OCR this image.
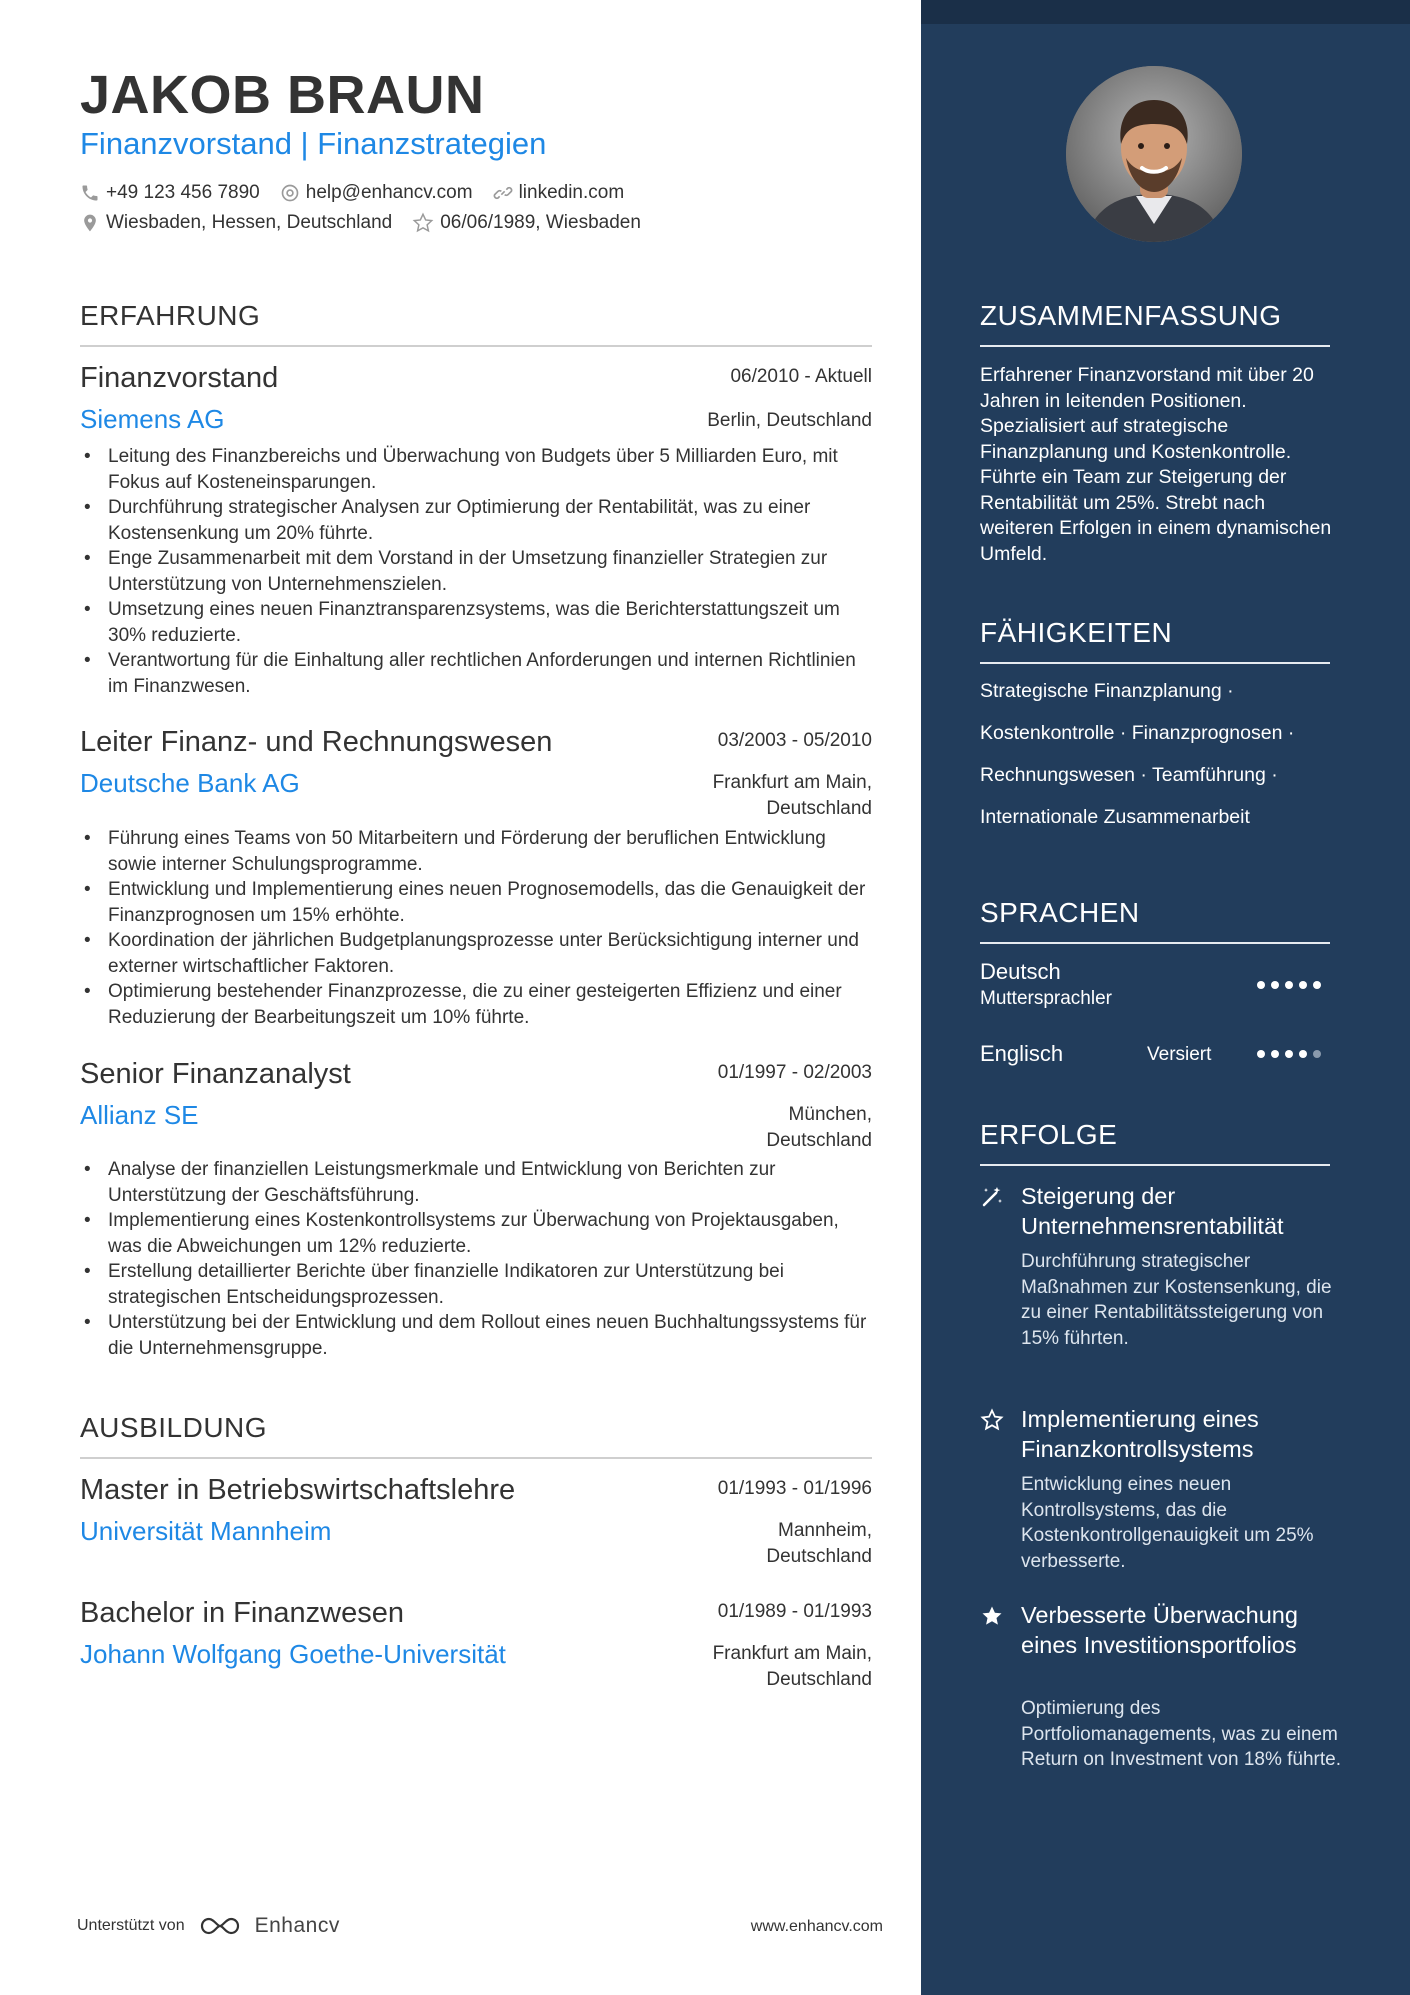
JAKOB BRAUN
Finanzvorstand | Finanzstrategien
+49 123 456 7890 help@enhancv.com linkedin.com
Wiesbaden, Hessen, Deutschland	06/06/1989, Wiesbaden
ERFAHRUNG
Finanzvorstand	06/2010 - Aktuell
Siemens AG	Berlin, Deutschland
• Leitung des Finanzbereichs und Überwachung von Budgets über 5 Milliarden Euro, mit Fokus auf Kosteneinsparungen.
• Durchführung strategischer Analysen zur Optimierung der Rentabilität, was zu einer Kostensenkung um 20% führte.
• Enge Zusammenarbeit mit dem Vorstand in der Umsetzung finanzieller Strategien zur Unterstützung von Unternehmenszielen.
• Umsetzung eines neuen Finanztransparenzsystems, was die Berichterstattungszeit um 30% reduzierte.
• Verantwortung für die Einhaltung aller rechtlichen Anforderungen und internen Richtlinien im Finanzwesen.
Leiter Finanz- und Rechnungswesen	03/2003 - 05/2010
Deutsche Bank AG	Frankfurt am Main,
Deutschland
• Führung eines Teams von 50 Mitarbeitern und Förderung der beruflichen Entwicklung sowie interner Schulungsprogramme.
• Entwicklung und Implementierung eines neuen Prognosemodells, das die Genauigkeit der Finanzprognosen um 15% erhöhte.
• Koordination der jährlichen Budgetplanungsprozesse unter Berücksichtigung interner und externer wirtschaftlicher Faktoren.
• Optimierung bestehender Finanzprozesse, die zu einer gesteigerten Effizienz und einer Reduzierung der Bearbeitungszeit um 10% führte.
Senior Finanzanalyst	01/1997 - 02/2003
Allianz SE	München,
Deutschland
• Analyse der finanziellen Leistungsmerkmale und Entwicklung von Berichten zur Unterstützung der Geschäftsführung.
• Implementierung eines Kostenkontrollsystems zur Überwachung von Projektausgaben, was die Abweichungen um 12% reduzierte.
• Erstellung detaillierter Berichte über finanzielle Indikatoren zur Unterstützung bei strategischen Entscheidungsprozessen.
• Unterstützung bei der Entwicklung und dem Rollout eines neuen Buchhaltungssystems für die Unternehmensgruppe.
AUSBILDUNG
Master in Betriebswirtschaftslehre	01/1993 - 01/1996
Universität Mannheim	Mannheim,
Deutschland
Bachelor in Finanzwesen	01/1989 - 01/1993
Johann Wolfgang Goethe-Universität	Frankfurt am Main,
Deutschland
Unterstützt von	Enhancv	www.enhancv.com
ZUSAMMENFASSUNG
Erfahrener Finanzvorstand mit über 20 Jahren in leitenden Positionen. Spezialisiert auf strategische Finanzplanung und Kostenkontrolle. Führte ein Team zur Steigerung der Rentabilität um 25%. Strebt nach weiteren Erfolgen in einem dynamischen Umfeld.
FÄHIGKEITEN
Strategische Finanzplanung ·
Kostenkontrolle · Finanzprognosen ·
Rechnungswesen · Teamführung ·
Internationale Zusammenarbeit
SPRACHEN
Deutsch
Muttersprachler
Englisch	Versiert
ERFOLGE
Steigerung der Unternehmensrentabilität
Durchführung strategischer Maßnahmen zur Kostensenkung, die zu einer Rentabilitätssteigerung von 15% führten.
Implementierung eines Finanzkontrollsystems
Entwicklung eines neuen Kontrollsystems, das die Kostenkontrollgenauigkeit um 25% verbesserte.
Verbesserte Überwachung eines Investitionsportfolios
Optimierung des Portfoliomanagements, was zu einem Return on Investment von 18% führte.
